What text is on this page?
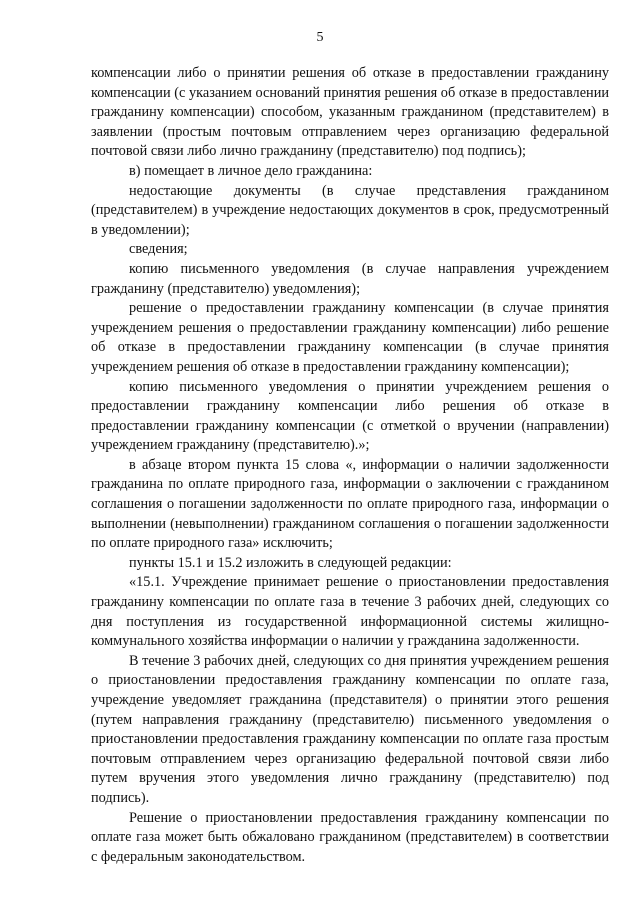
5

компенсации либо о принятии решения об отказе в предоставлении гражданину компенсации (с указанием оснований принятия решения об отказе в предоставлении гражданину компенсации) способом, указанным гражданином (представителем) в заявлении (простым почтовым отправлением через организацию федеральной почтовой связи либо лично гражданину (представителю) под подпись);

в) помещает в личное дело гражданина:

недостающие документы (в случае представления гражданином (представителем) в учреждение недостающих документов в срок, предусмотренный в уведомлении);

сведения;

копию письменного уведомления (в случае направления учреждением гражданину (представителю) уведомления);

решение о предоставлении гражданину компенсации (в случае принятия учреждением решения о предоставлении гражданину компенсации) либо решение об отказе в предоставлении гражданину компенсации (в случае принятия учреждением решения об отказе в предоставлении гражданину компенсации);

копию письменного уведомления о принятии учреждением решения о предоставлении гражданину компенсации либо решения об отказе в предоставлении гражданину компенсации (с отметкой о вручении (направлении) учреждением гражданину (представителю).»;

в абзаце втором пункта 15 слова «, информации о наличии задолженности гражданина по оплате природного газа, информации о заключении с гражданином соглашения о погашении задолженности по оплате природного газа, информации о выполнении (невыполнении) гражданином соглашения о погашении задолженности по оплате природного газа» исключить;

пункты 15.1 и 15.2 изложить в следующей редакции:

«15.1. Учреждение принимает решение о приостановлении предоставления гражданину компенсации по оплате газа в течение 3 рабочих дней, следующих со дня поступления из государственной информационной системы жилищно-коммунального хозяйства информации о наличии у гражданина задолженности.

В течение 3 рабочих дней, следующих со дня принятия учреждением решения о приостановлении предоставления гражданину компенсации по оплате газа, учреждение уведомляет гражданина (представителя) о принятии этого решения (путем направления гражданину (представителю) письменного уведомления о приостановлении предоставления гражданину компенсации по оплате газа простым почтовым отправлением через организацию федеральной почтовой связи либо путем вручения этого уведомления лично гражданину (представителю) под подпись).

Решение о приостановлении предоставления гражданину компенсации по оплате газа может быть обжаловано гражданином (представителем) в соответствии с федеральным законодательством.
